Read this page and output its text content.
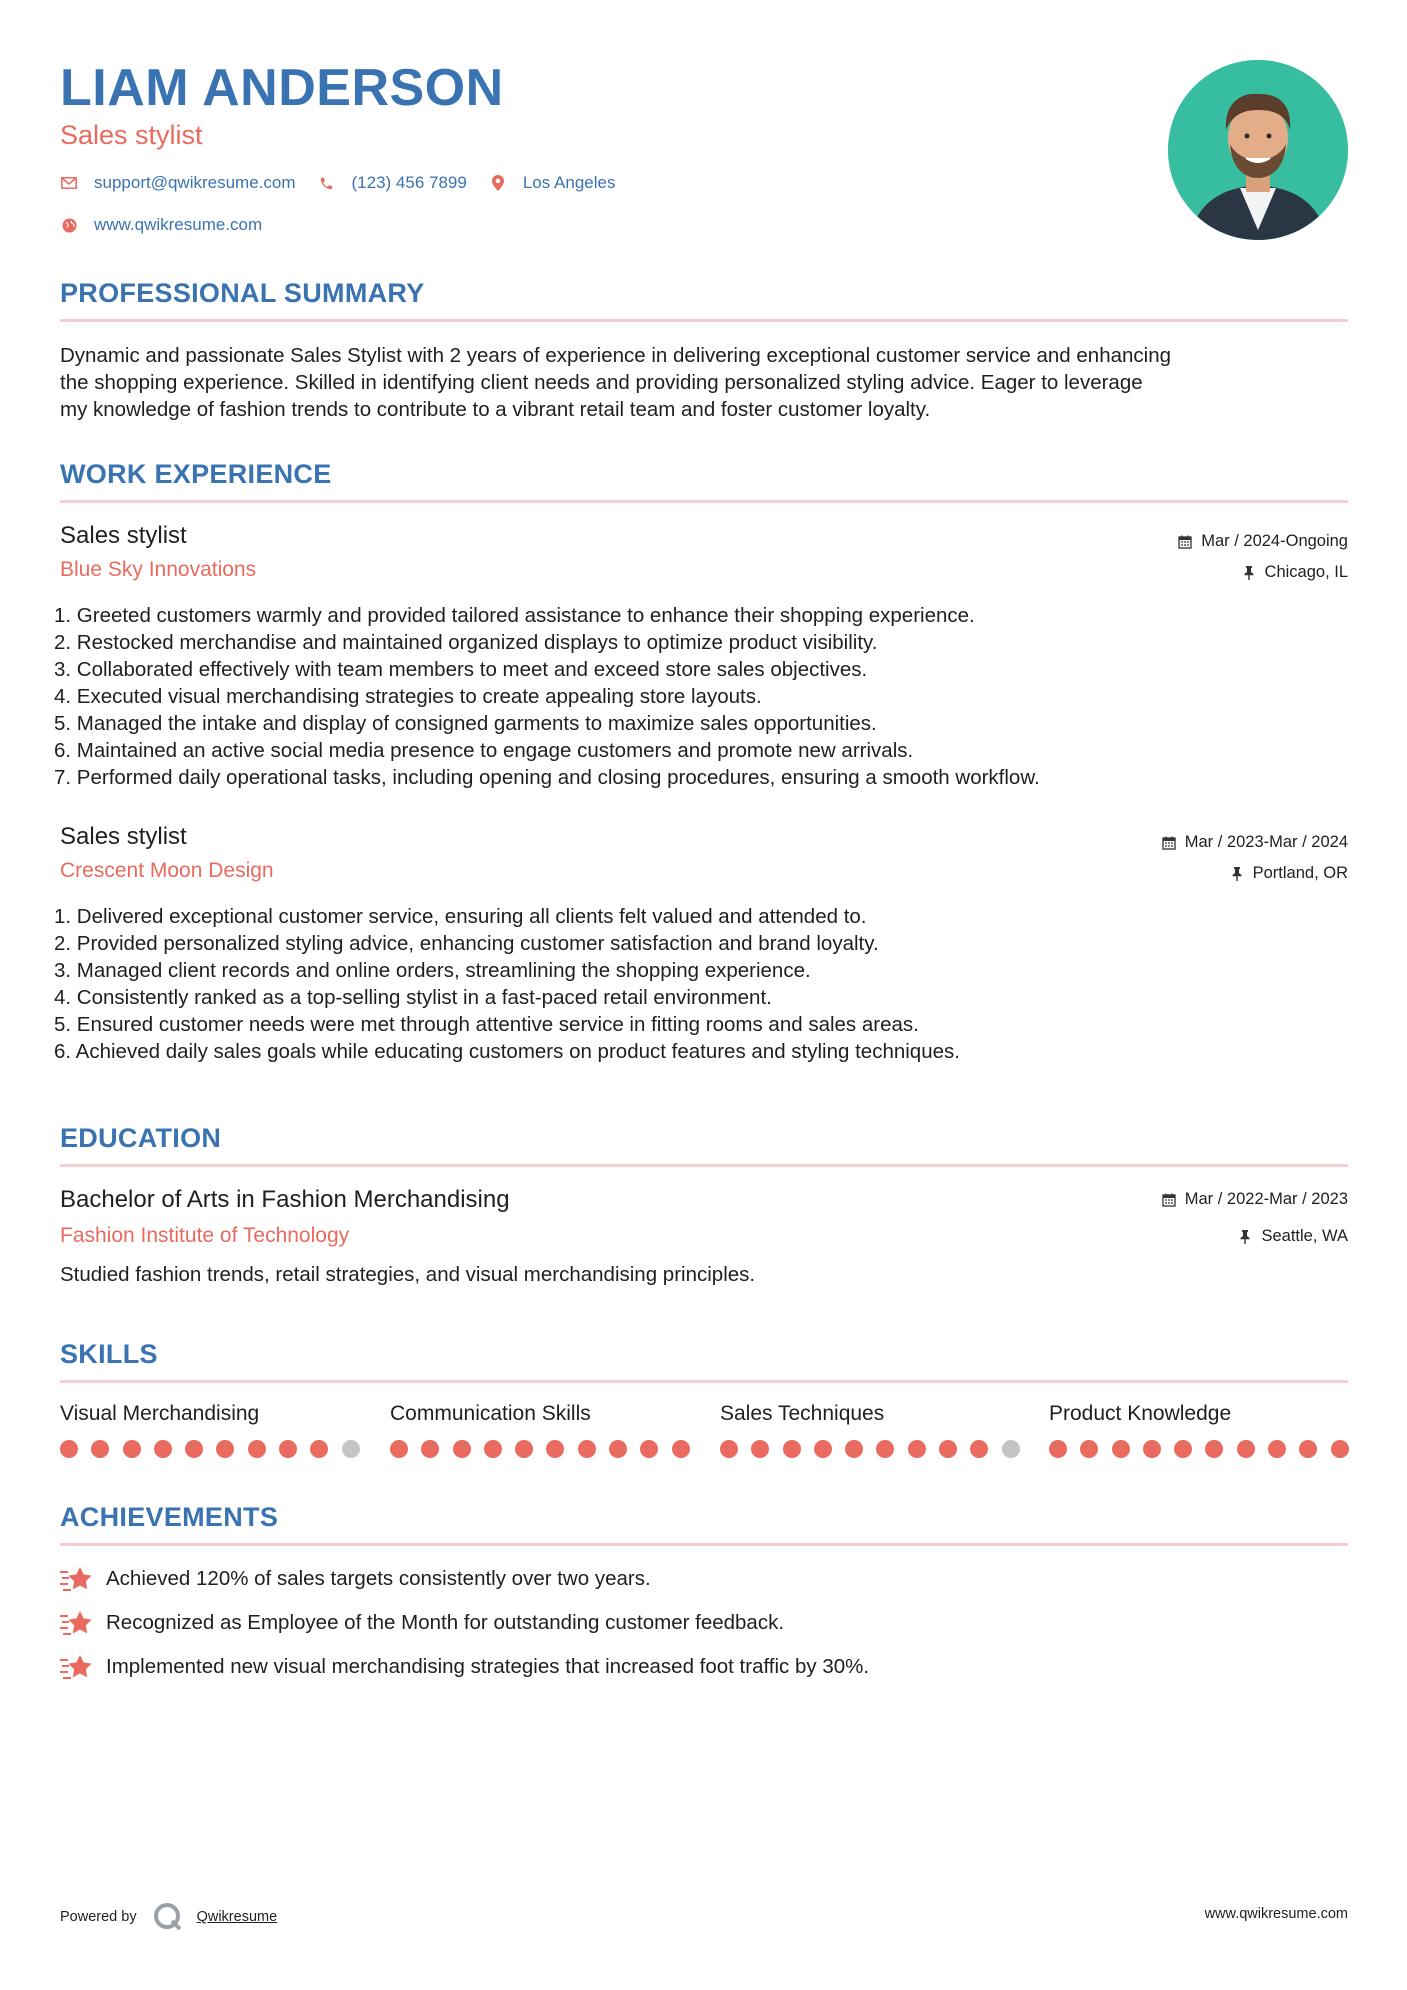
LIAM ANDERSON
Sales stylist
support@qwikresume.com	(123) 456 7899	Los Angeles
www.qwikresume.com
PROFESSIONAL SUMMARY
Dynamic and passionate Sales Stylist with 2 years of experience in delivering exceptional customer service and enhancing
the shopping experience. Skilled in identifying client needs and providing personalized styling advice. Eager to leverage
my knowledge of fashion trends to contribute to a vibrant retail team and foster customer loyalty.
WORK EXPERIENCE
Sales stylist
Blue Sky Innovations
Mar / 2024-Ongoing
Chicago, IL
1. Greeted customers warmly and provided tailored assistance to enhance their shopping experience.
2. Restocked merchandise and maintained organized displays to optimize product visibility.
3. Collaborated effectively with team members to meet and exceed store sales objectives.
4. Executed visual merchandising strategies to create appealing store layouts.
5. Managed the intake and display of consigned garments to maximize sales opportunities.
6. Maintained an active social media presence to engage customers and promote new arrivals.
7. Performed daily operational tasks, including opening and closing procedures, ensuring a smooth workflow.
Sales stylist
Crescent Moon Design
Mar / 2023-Mar / 2024
Portland, OR
1. Delivered exceptional customer service, ensuring all clients felt valued and attended to.
2. Provided personalized styling advice, enhancing customer satisfaction and brand loyalty.
3. Managed client records and online orders, streamlining the shopping experience.
4. Consistently ranked as a top-selling stylist in a fast-paced retail environment.
5. Ensured customer needs were met through attentive service in fitting rooms and sales areas.
6. Achieved daily sales goals while educating customers on product features and styling techniques.
EDUCATION
Bachelor of Arts in Fashion Merchandising
Fashion Institute of Technology
Mar / 2022-Mar / 2023
Seattle, WA
Studied fashion trends, retail strategies, and visual merchandising principles.
SKILLS
Visual Merchandising	Communication Skills	Sales Techniques	Product Knowledge
ACHIEVEMENTS
Achieved 120% of sales targets consistently over two years.
Recognized as Employee of the Month for outstanding customer feedback.
Implemented new visual merchandising strategies that increased foot traffic by 30%.
Powered by	Qwikresume	www.qwikresume.com
